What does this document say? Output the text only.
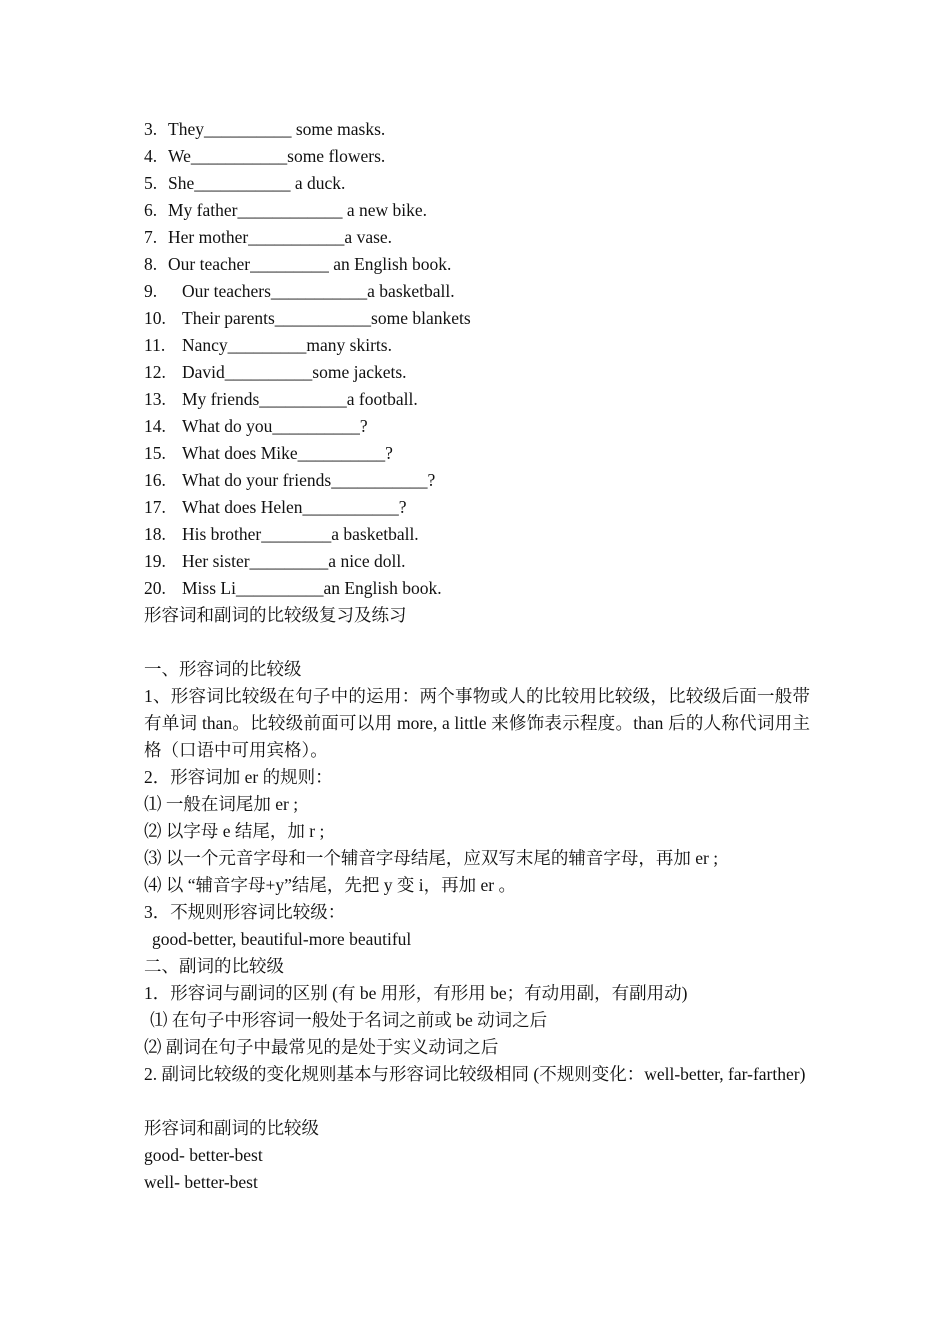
3. They__________ some masks.
4. We___________some flowers.
5. She___________ a duck.
6. My father____________ a new bike.
7. Her mother___________a vase.
8. Our teacher_________ an English book.
9.	Our teachers___________a basketball.
10. Their parents___________some blankets
11. Nancy_________many skirts.
12. David__________some jackets.
13. My friends__________a football.
14. What do you__________?
15. What does Mike__________?
16. What do your friends___________?
17. What does Helen___________?
18. His brother________a basketball.
19. Her sister_________a nice doll.
20. Miss Li__________an English book.
形容词和副词的比较级复习及练习
一、形容词的比较级
1、形容词比较级在句子中的运用：两个事物或人的比较用比较级，比较级后面一般带有单词 than。比较级前面可以用 more, a little 来修饰表示程度。than 后的人称代词用主格（口语中可用宾格）。
2．形容词加 er 的规则：
⑴ 一般在词尾加 er ;
⑵ 以字母 e 结尾，加 r ;
⑶ 以一个元音字母和一个辅音字母结尾，应双写末尾的辅音字母，再加 er ;
⑷ 以 “辅音字母+y”结尾，先把 y 变 i，再加 er 。
3．不规则形容词比较级：
good-better, beautiful-more beautiful
二、副词的比较级
1．形容词与副词的区别 (有 be 用形，有形用 be；有动用副，有副用动)
⑴ 在句子中形容词一般处于名词之前或 be 动词之后
⑵ 副词在句子中最常见的是处于实义动词之后
2. 副词比较级的变化规则基本与形容词比较级相同 (不规则变化：well-better, far-farther)
形容词和副词的比较级
good- better-best
well- better-best
